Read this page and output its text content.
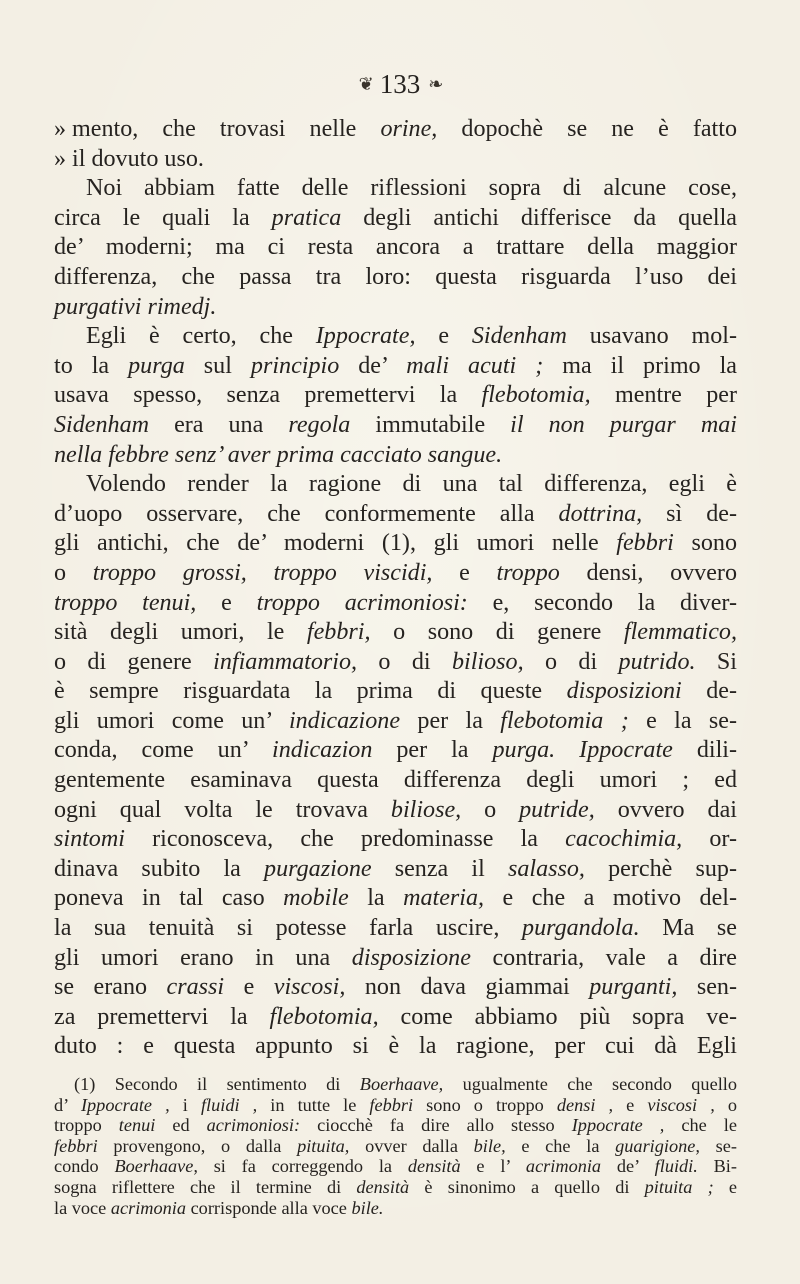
❦ 133 ❧
» mento, che trovasi nelle orine, dopochè se ne è fatto
» il dovuto uso.
Noi abbiam fatte delle riflessioni sopra di alcune cose,
circa le quali la pratica degli antichi differisce da quella
de’ moderni; ma ci resta ancora a trattare della maggior
differenza, che passa tra loro: questa risguarda l’uso dei
purgativi rimedj.
Egli è certo, che Ippocrate, e Sidenham usavano mol-
to la purga sul principio de’ mali acuti ; ma il primo la
usava spesso, senza premettervi la flebotomia, mentre per
Sidenham era una regola immutabile il non purgar mai
nella febbre senz’ aver prima cacciato sangue.
Volendo render la ragione di una tal differenza, egli è
d’uopo osservare, che conformemente alla dottrina, sì de-
gli antichi, che de’ moderni (1), gli umori nelle febbri sono
o troppo grossi, troppo viscidi, e troppo densi, ovvero
troppo tenui, e troppo acrimoniosi: e, secondo la diver-
sità degli umori, le febbri, o sono di genere flemmatico,
o di genere infiammatorio, o di bilioso, o di putrido. Si
è sempre risguardata la prima di queste disposizioni de-
gli umori come un’ indicazione per la flebotomia ; e la se-
conda, come un’ indicazion per la purga. Ippocrate dili-
gentemente esaminava questa differenza degli umori ; ed
ogni qual volta le trovava biliose, o putride, ovvero dai
sintomi riconosceva, che predominasse la cacochimia, or-
dinava subito la purgazione senza il salasso, perchè sup-
poneva in tal caso mobile la materia, e che a motivo del-
la sua tenuità si potesse farla uscire, purgandola. Ma se
gli umori erano in una disposizione contraria, vale a dire
se erano crassi e viscosi, non dava giammai purganti, sen-
za premettervi la flebotomia, come abbiamo più sopra ve-
duto : e questa appunto si è la ragione, per cui dà Egli
(1) Secondo il sentimento di Boerhaave, ugualmente che secondo quello
d’ Ippocrate , i fluidi , in tutte le febbri sono o troppo densi , e viscosi , o
troppo tenui ed acrimoniosi: ciocchè fa dire allo stesso Ippocrate , che le
febbri provengono, o dalla pituita, ovver dalla bile, e che la guarigione, se-
condo Boerhaave, si fa correggendo la densità e l’ acrimonia de’ fluidi. Bi-
sogna riflettere che il termine di densità è sinonimo a quello di pituita ; e
la voce acrimonia corrisponde alla voce bile.
